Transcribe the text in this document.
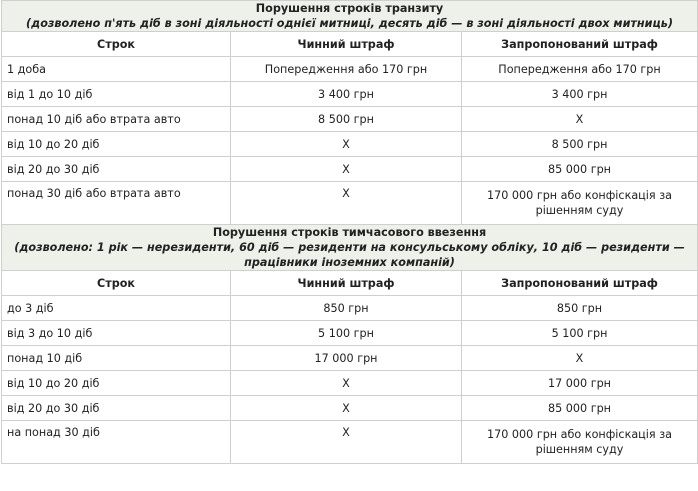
Порушення строків транзиту
(дозволено п'ять діб в зоні діяльності однієї митниці, десять діб — в зоні діяльності двох митниць)		

Строк	Чинний штраф	Запропонований штраф
1 доба	Попередження або 170 грн	Попередження або 170 грн
від 1 до 10 діб	3 400 грн	3 400 грн
понад 10 діб або втрата авто	8 500 грн	Х
від 10 до 20 діб	Х	8 500 грн
від 20 до 30 діб	Х	85 000 грн
понад 30 діб або втрата авто	Х	170 000 грн або конфіскація за рішенням суду

Порушення строків тимчасового ввезення
(дозволено: 1 рік — нерезиденти, 60 діб — резиденти на консульському обліку, 10 діб — резиденти — працівники іноземних компаній)		

Строк	Чинний штраф	Запропонований штраф
до 3 діб	850 грн	850 грн
від 3 до 10 діб	5 100 грн	5 100 грн
понад 10 діб	17 000 грн	Х
від 10 до 20 діб	Х	17 000 грн
від 20 до 30 діб	Х	85 000 грн
на понад 30 діб	Х	170 000 грн або конфіскація за рішенням суду
